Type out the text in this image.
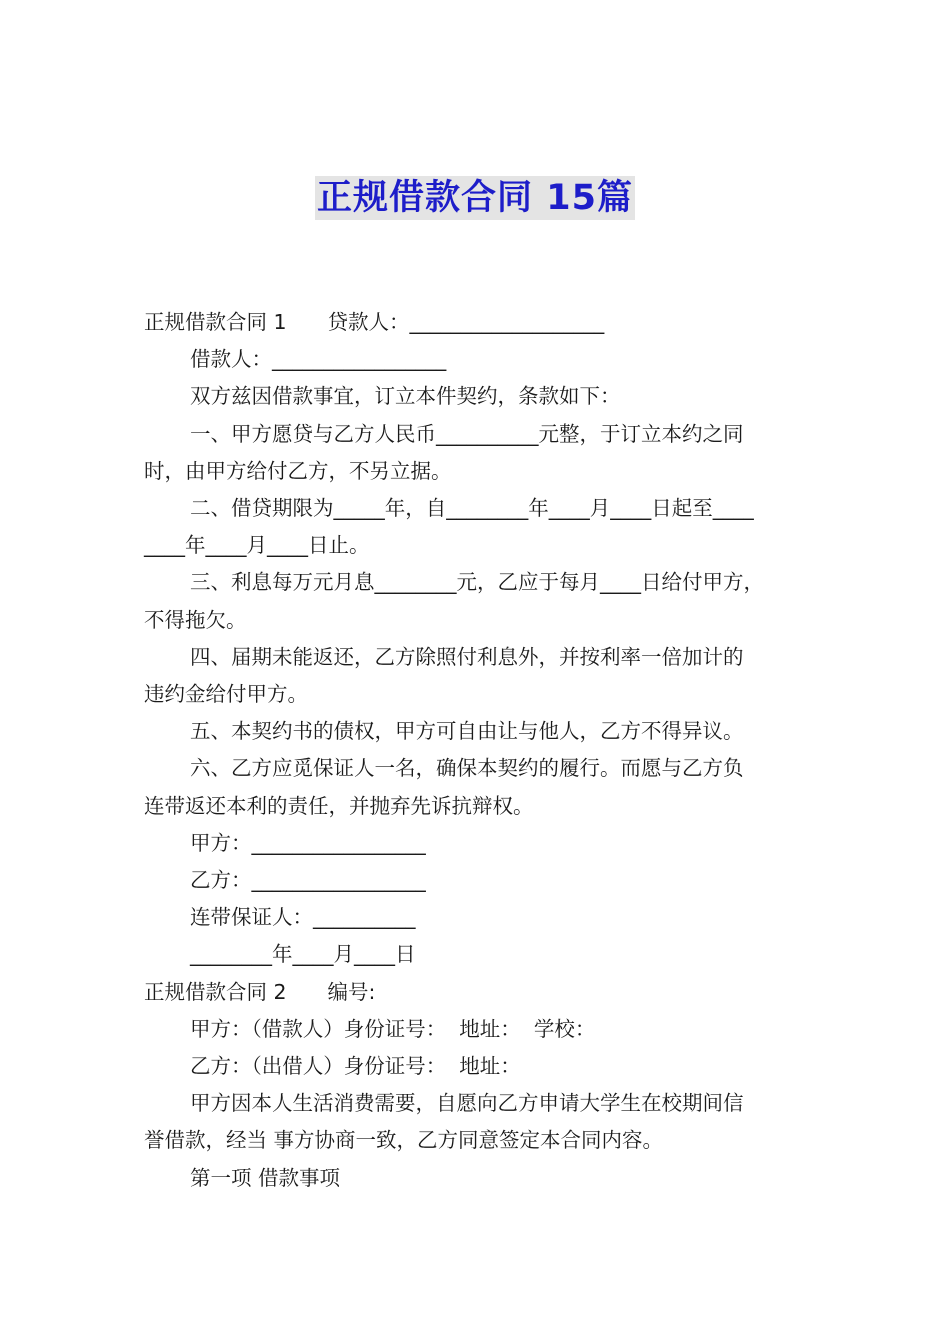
正规借款合同 15篇

正规借款合同 1　　贷款人：___________________

借款人：_________________

双方兹因借款事宜，订立本件契约，条款如下：

一、甲方愿贷与乙方人民币__________元整，于订立本约之同

时，由甲方给付乙方，不另立据。

二、借贷期限为_____年，自________年____月____日起至____

____年____月____日止。

三、利息每万元月息________元，乙应于每月____日给付甲方，

不得拖欠。

四、届期未能返还，乙方除照付利息外，并按利率一倍加计的

违约金给付甲方。

五、本契约书的债权，甲方可自由让与他人，乙方不得异议。

六、乙方应觅保证人一名，确保本契约的履行。而愿与乙方负

连带返还本利的责任，并抛弃先诉抗辩权。

甲方：_________________

乙方：_________________

连带保证人：__________

________年____月____日

正规借款合同 2　　编号:

甲方：（借款人）身份证号：  地址：  学校：

乙方：（出借人）身份证号：  地址：

甲方因本人生活消费需要，自愿向乙方申请大学生在校期间信

誉借款，经当 事方协商一致，乙方同意签定本合同内容。

第一项 借款事项
